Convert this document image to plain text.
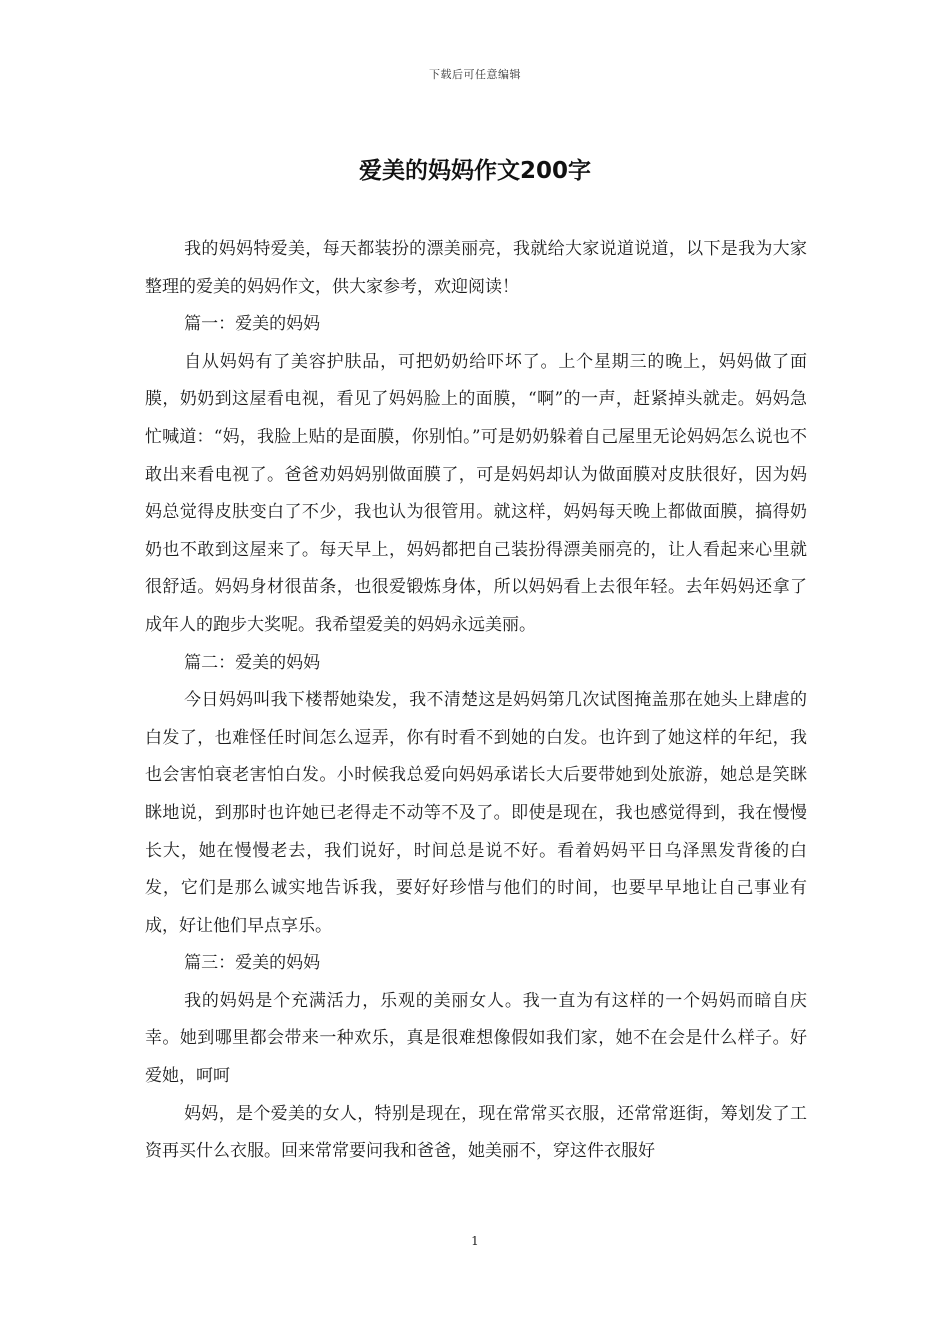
下载后可任意编辑
爱美的妈妈作文200字

我的妈妈特爱美，每天都装扮的漂美丽亮，我就给大家说道说道，以下是我为大家整理的爱美的妈妈作文，供大家参考，欢迎阅读！

篇一：爱美的妈妈

自从妈妈有了美容护肤品，可把奶奶给吓坏了。上个星期三的晚上，妈妈做了面膜，奶奶到这屋看电视，看见了妈妈脸上的面膜，“啊”的一声，赶紧掉头就走。妈妈急忙喊道：“妈，我脸上贴的是面膜，你别怕。”可是奶奶躲着自己屋里无论妈妈怎么说也不敢出来看电视了。爸爸劝妈妈别做面膜了，可是妈妈却认为做面膜对皮肤很好，因为妈妈总觉得皮肤变白了不少，我也认为很管用。就这样，妈妈每天晚上都做面膜，搞得奶奶也不敢到这屋来了。每天早上，妈妈都把自己装扮得漂美丽亮的，让人看起来心里就很舒适。妈妈身材很苗条，也很爱锻炼身体，所以妈妈看上去很年轻。去年妈妈还拿了成年人的跑步大奖呢。我希望爱美的妈妈永远美丽。

篇二：爱美的妈妈

今日妈妈叫我下楼帮她染发，我不清楚这是妈妈第几次试图掩盖那在她头上肆虐的白发了，也难怪任时间怎么逗弄，你有时看不到她的白发。也许到了她这样的年纪，我也会害怕衰老害怕白发。小时候我总爱向妈妈承诺长大后要带她到处旅游，她总是笑眯眯地说，到那时也许她已老得走不动等不及了。即使是现在，我也感觉得到，我在慢慢长大，她在慢慢老去，我们说好，时间总是说不好。看着妈妈平日乌泽黑发背後的白发，它们是那么诚实地告诉我，要好好珍惜与他们的时间，也要早早地让自己事业有成，好让他们早点享乐。

篇三：爱美的妈妈

我的妈妈是个充满活力，乐观的美丽女人。我一直为有这样的一个妈妈而暗自庆幸。她到哪里都会带来一种欢乐，真是很难想像假如我们家，她不在会是什么样子。好爱她，呵呵

妈妈，是个爱美的女人，特别是现在，现在常常买衣服，还常常逛街，筹划发了工资再买什么衣服。回来常常要问我和爸爸，她美丽不，穿这件衣服好

1
